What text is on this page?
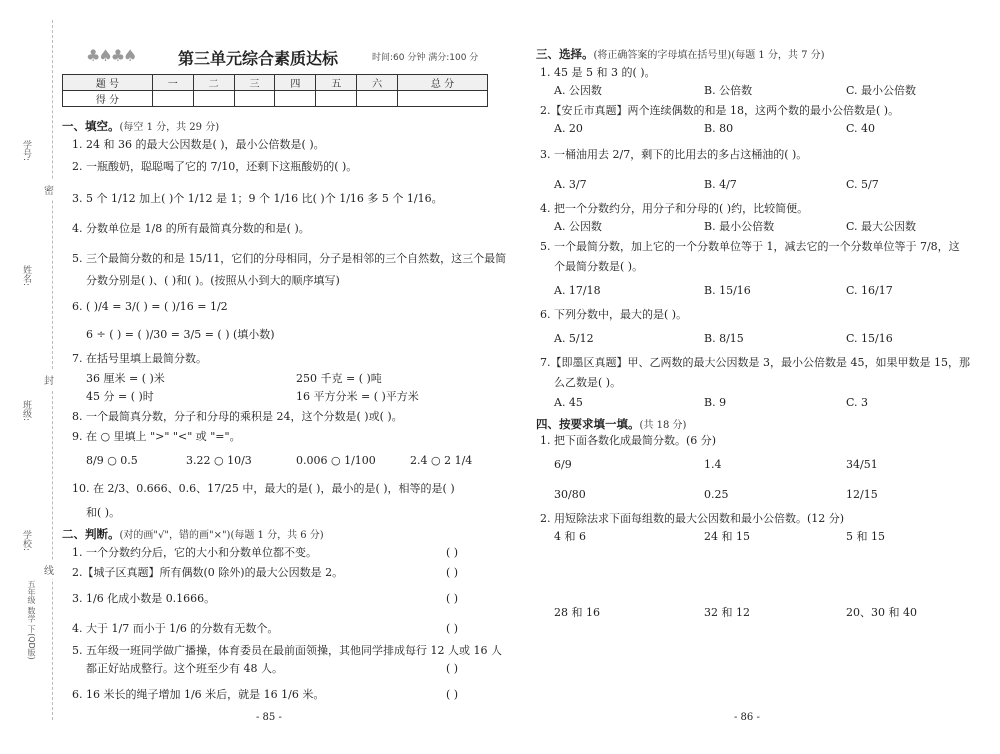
学号:
姓名:
班级:
学校:
密
封
线
五年级 数学 下(QD版)
♣♠♣♠	第三单元综合素质达标	时间:60 分钟 满分:100 分
题 号	一	二	三	四	五	六	总 分
得 分							
一、填空。(每空 1 分，共 29 分)
1. 24 和 36 的最大公因数是( )，最小公倍数是( )。
2. 一瓶酸奶，聪聪喝了它的 7/10，还剩下这瓶酸奶的( )。
3. 5 个 1/12 加上( )个 1/12 是 1；9 个 1/16 比( )个 1/16 多 5 个 1/16。
4. 分数单位是 1/8 的所有最简真分数的和是( )。
5. 三个最简分数的和是 15/11，它们的分母相同，分子是相邻的三个自然数，这三个最简
分数分别是( )、( )和( )。(按照从小到大的顺序填写)
6. ( )/4 = 3/( ) = ( )/16 = 1/2
6 ÷ ( ) = ( )/30 = 3/5 = ( ) (填小数)
7. 在括号里填上最简分数。
36 厘米 = ( )米	250 千克 = ( )吨
45 分 = ( )时	16 平方分米 = ( )平方米
8. 一个最简真分数，分子和分母的乘积是 24，这个分数是( )或( )。
9. 在 ○ 里填上 ">" "<" 或 "="。
8/9 ○ 0.5	3.22 ○ 10/3	0.006 ○ 1/100	2.4 ○ 2 1/4
10. 在 2/3、0.666、0.6、17/25 中，最大的是( )，最小的是( )，相等的是( )
和( )。
二、判断。(对的画"√"，错的画"×")(每题 1 分，共 6 分)
1. 一个分数约分后，它的大小和分数单位都不变。	( )
2.【城子区真题】所有偶数(0 除外)的最大公因数是 2。	( )
3. 1/6 化成小数是 0.1666。	( )
4. 大于 1/7 而小于 1/6 的分数有无数个。	( )
5. 五年级一班同学做广播操，体育委员在最前面领操，其他同学排成每行 12 人或 16 人
都正好站成整行。这个班至少有 48 人。	( )
6. 16 米长的绳子增加 1/6 米后，就是 16 1/6 米。	( )
- 85 -
三、选择。(将正确答案的字母填在括号里)(每题 1 分，共 7 分)
1. 45 是 5 和 3 的( )。
A. 公因数	B. 公倍数	C. 最小公倍数
2.【安丘市真题】两个连续偶数的和是 18，这两个数的最小公倍数是( )。
A. 20	B. 80	C. 40
3. 一桶油用去 2/7，剩下的比用去的多占这桶油的( )。
A. 3/7	B. 4/7	C. 5/7
4. 把一个分数约分，用分子和分母的( )约，比较简便。
A. 公因数	B. 最小公倍数	C. 最大公因数
5. 一个最简分数，加上它的一个分数单位等于 1，减去它的一个分数单位等于 7/8，这
个最简分数是( )。
A. 17/18	B. 15/16	C. 16/17
6. 下列分数中，最大的是( )。
A. 5/12	B. 8/15	C. 15/16
7.【即墨区真题】甲、乙两数的最大公因数是 3，最小公倍数是 45，如果甲数是 15，那
么乙数是( )。
A. 45	B. 9	C. 3
四、按要求填一填。(共 18 分)
1. 把下面各数化成最简分数。(6 分)
6/9	1.4	34/51
30/80	0.25	12/15
2. 用短除法求下面每组数的最大公因数和最小公倍数。(12 分)
4 和 6	24 和 15	5 和 15
28 和 16	32 和 12	20、30 和 40
- 86 -
